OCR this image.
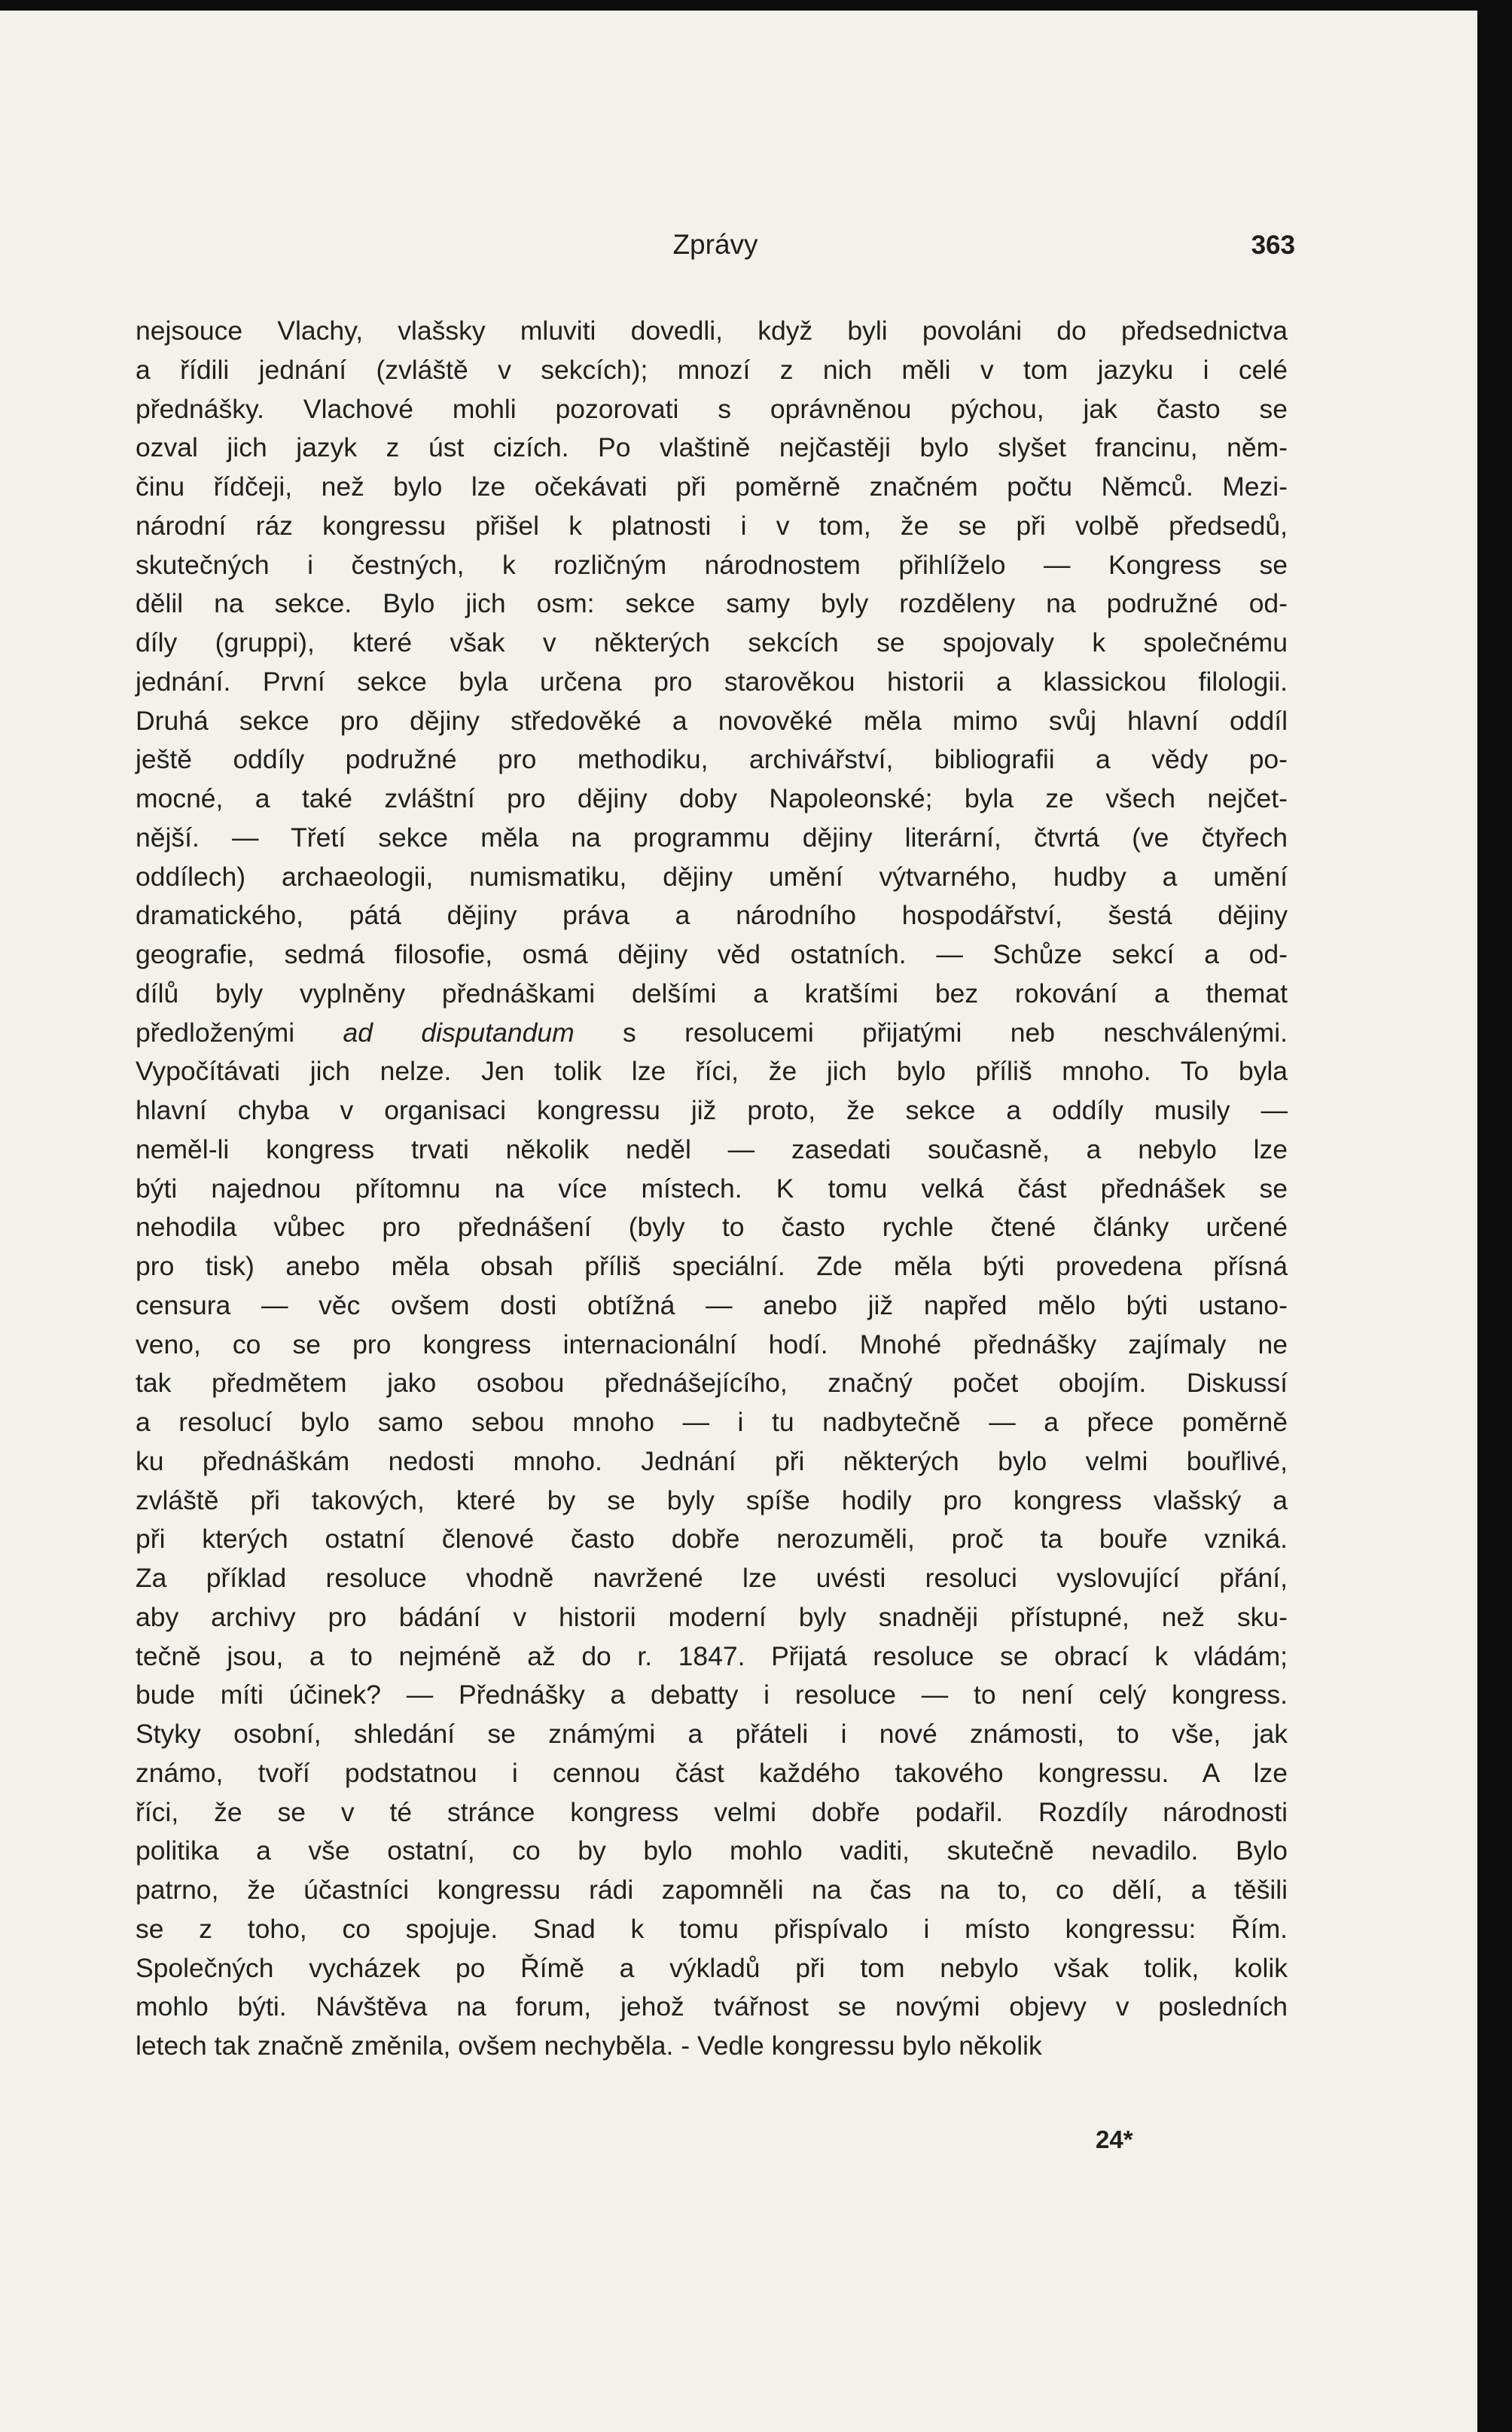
Zprávy	363
nejsouce Vlachy, vlašsky mluviti dovedli, když byli povoláni do předsednictva
a řídili jednání (zvláště v sekcích); mnozí z nich měli v tom jazyku i celé
přednášky. Vlachové mohli pozorovati s oprávněnou pýchou, jak často se
ozval jich jazyk z úst cizích. Po vlaštině nejčastěji bylo slyšet francinu, něm-
činu řídčeji, než bylo lze očekávati při poměrně značném počtu Němců. Mezi-
národní ráz kongressu přišel k platnosti i v tom, že se při volbě předsedů,
skutečných i čestných, k rozličným národnostem přihlíželo — Kongress se
dělil na sekce. Bylo jich osm: sekce samy byly rozděleny na podružné od-
díly (gruppi), které však v některých sekcích se spojovaly k společnému
jednání. První sekce byla určena pro starověkou historii a klassickou filologii.
Druhá sekce pro dějiny středověké a novověké měla mimo svůj hlavní oddíl
ještě oddíly podružné pro methodiku, archivářství, bibliografii a vědy po-
mocné, a také zvláštní pro dějiny doby Napoleonské; byla ze všech nejčet-
nější. — Třetí sekce měla na programmu dějiny literární, čtvrtá (ve čtyřech
oddílech) archaeologii, numismatiku, dějiny umění výtvarného, hudby a umění
dramatického, pátá dějiny práva a národního hospodářství, šestá dějiny
geografie, sedmá filosofie, osmá dějiny věd ostatních. — Schůze sekcí a od-
dílů byly vyplněny přednáškami delšími a kratšími bez rokování a themat
předloženými ad disputandum s resolucemi přijatými neb neschválenými.
Vypočítávati jich nelze. Jen tolik lze říci, že jich bylo příliš mnoho. To byla
hlavní chyba v organisaci kongressu již proto, že sekce a oddíly musily —
neměl-li kongress trvati několik neděl — zasedati současně, a nebylo lze
býti najednou přítomnu na více místech. K tomu velká část přednášek se
nehodila vůbec pro přednášení (byly to často rychle čtené články určené
pro tisk) anebo měla obsah příliš speciální. Zde měla býti provedena přísná
censura — věc ovšem dosti obtížná — anebo již napřed mělo býti ustano-
veno, co se pro kongress internacionální hodí. Mnohé přednášky zajímaly ne
tak předmětem jako osobou přednášejícího, značný počet obojím. Diskussí
a resolucí bylo samo sebou mnoho — i tu nadbytečně — a přece poměrně
ku přednáškám nedosti mnoho. Jednání při některých bylo velmi bouřlivé,
zvláště při takových, které by se byly spíše hodily pro kongress vlašský a
při kterých ostatní členové často dobře nerozuměli, proč ta bouře vzniká.
Za příklad resoluce vhodně navržené lze uvésti resoluci vyslovující přání,
aby archivy pro bádání v historii moderní byly snadněji přístupné, než sku-
tečně jsou, a to nejméně až do r. 1847. Přijatá resoluce se obrací k vládám;
bude míti účinek? — Přednášky a debatty i resoluce — to není celý kongress.
Styky osobní, shledání se známými a přáteli i nové známosti, to vše, jak
známo, tvoří podstatnou i cennou část každého takového kongressu. A lze
říci, že se v té stránce kongress velmi dobře podařil. Rozdíly národnosti
politika a vše ostatní, co by bylo mohlo vaditi, skutečně nevadilo. Bylo
patrno, že účastníci kongressu rádi zapomněli na čas na to, co dělí, a těšili
se z toho, co spojuje. Snad k tomu přispívalo i místo kongressu: Řím.
Společných vycházek po Římě a výkladů při tom nebylo však tolik, kolik
mohlo býti. Návštěva na forum, jehož tvářnost se novými objevy v posledních
letech tak značně změnila, ovšem nechyběla. - Vedle kongressu bylo několik
24*
